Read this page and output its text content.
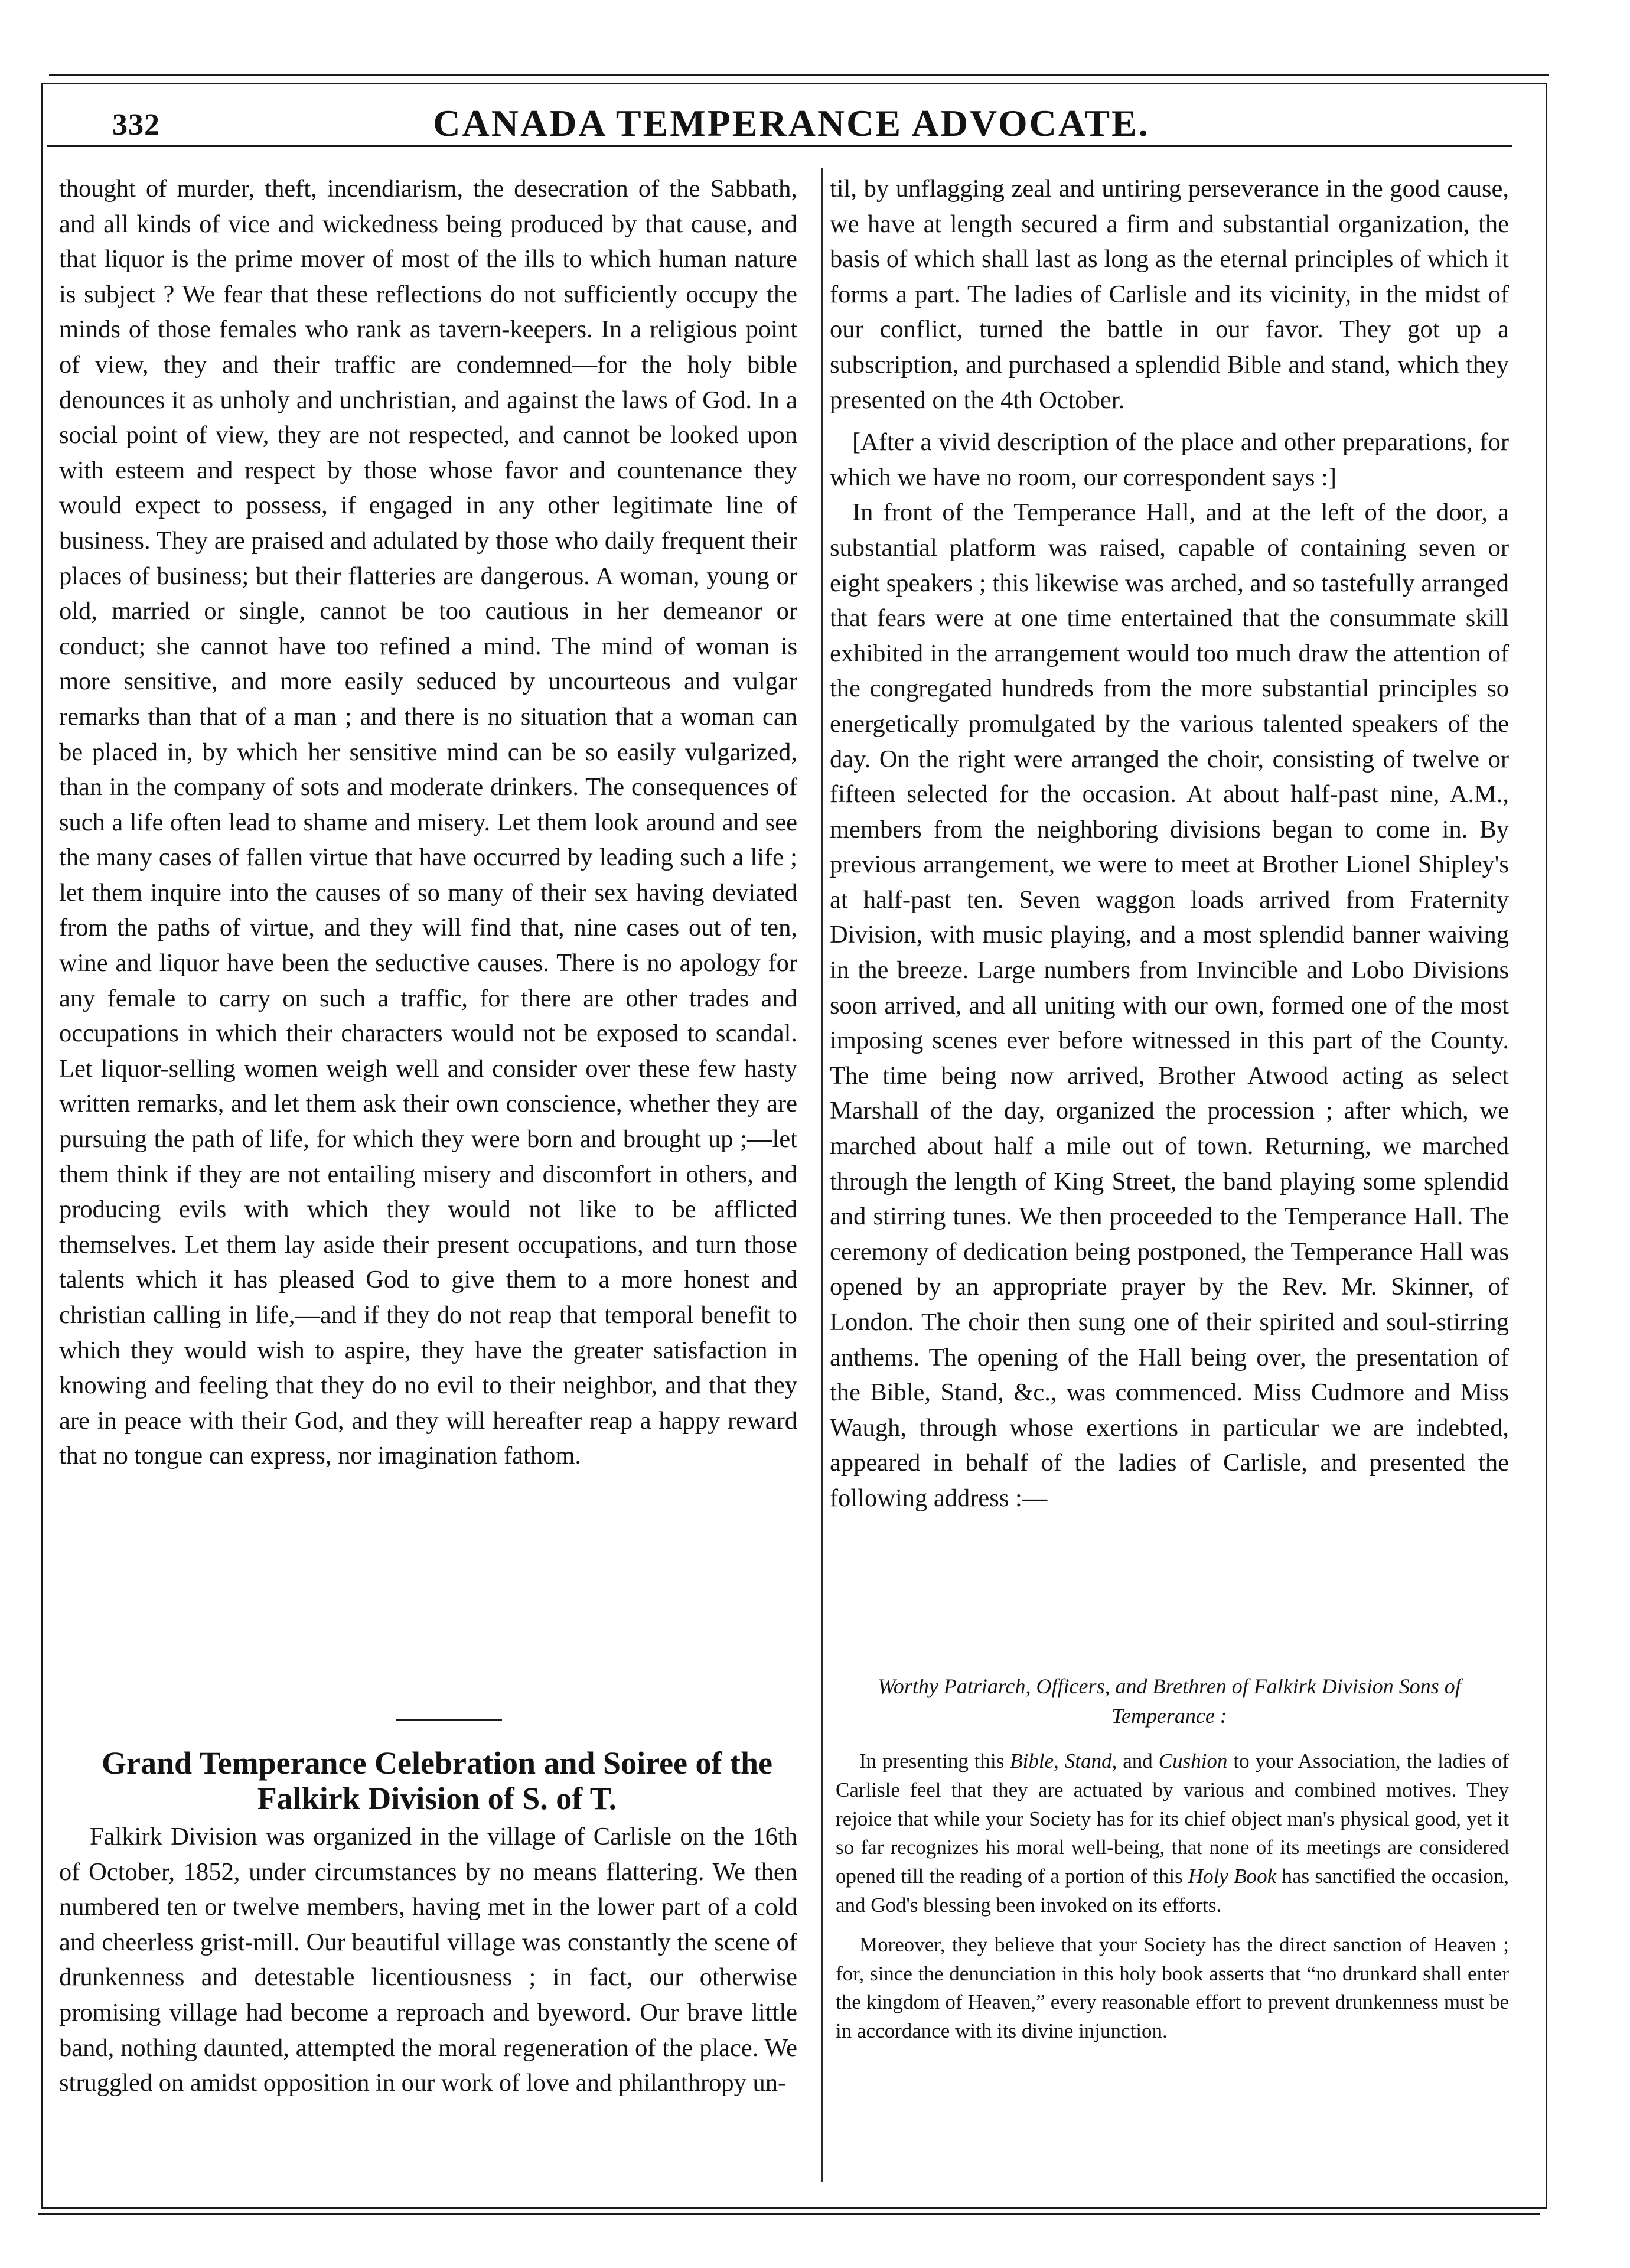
332	CANADA TEMPERANCE ADVOCATE.

thought of murder, theft, incendiarism, the desecration of the Sabbath, and all kinds of vice and wickedness being produced by that cause, and that liquor is the prime mover of most of the ills to which human nature is subject ? We fear that these reflections do not sufficiently occupy the minds of those females who rank as tavern-keepers. In a religious point of view, they and their traffic are condemned—for the holy bible denounces it as unholy and unchristian, and against the laws of God. In a social point of view, they are not respected, and cannot be looked upon with esteem and respect by those whose favor and countenance they would expect to possess, if engaged in any other legitimate line of business. They are praised and adulated by those who daily frequent their places of business; but their flatteries are dangerous. A woman, young or old, married or single, cannot be too cautious in her demeanor or conduct; she cannot have too refined a mind. The mind of woman is more sensitive, and more easily seduced by uncourteous and vulgar remarks than that of a man ; and there is no situation that a woman can be placed in, by which her sensitive mind can be so easily vulgarized, than in the company of sots and moderate drinkers. The consequences of such a life often lead to shame and misery. Let them look around and see the many cases of fallen virtue that have occurred by leading such a life ; let them inquire into the causes of so many of their sex having deviated from the paths of virtue, and they will find that, nine cases out of ten, wine and liquor have been the seductive causes. There is no apology for any female to carry on such a traffic, for there are other trades and occupations in which their characters would not be exposed to scandal. Let liquor-selling women weigh well and consider over these few hasty written remarks, and let them ask their own conscience, whether they are pursuing the path of life, for which they were born and brought up ;—let them think if they are not entailing misery and discomfort in others, and producing evils with which they would not like to be afflicted themselves. Let them lay aside their present occupations, and turn those talents which it has pleased God to give them to a more honest and christian calling in life,—and if they do not reap that temporal benefit to which they would wish to aspire, they have the greater satisfaction in knowing and feeling that they do no evil to their neighbor, and that they are in peace with their God, and they will hereafter reap a happy reward that no tongue can express, nor imagination fathom.

Grand Temperance Celebration and Soiree of the Falkirk Division of S. of T.

Falkirk Division was organized in the village of Carlisle on the 16th of October, 1852, under circumstances by no means flattering. We then numbered ten or twelve members, having met in the lower part of a cold and cheerless grist-mill. Our beautiful village was constantly the scene of drunkenness and detestable licentiousness ; in fact, our otherwise promising village had become a reproach and byeword. Our brave little band, nothing daunted, attempted the moral regeneration of the place. We struggled on amidst opposition in our work of love and philanthropy un-

til, by unflagging zeal and untiring perseverance in the good cause, we have at length secured a firm and substantial organization, the basis of which shall last as long as the eternal principles of which it forms a part. The ladies of Carlisle and its vicinity, in the midst of our conflict, turned the battle in our favor. They got up a subscription, and purchased a splendid Bible and stand, which they presented on the 4th October.

[After a vivid description of the place and other preparations, for which we have no room, our correspondent says :]

In front of the Temperance Hall, and at the left of the door, a substantial platform was raised, capable of containing seven or eight speakers ; this likewise was arched, and so tastefully arranged that fears were at one time entertained that the consummate skill exhibited in the arrangement would too much draw the attention of the congregated hundreds from the more substantial principles so energetically promulgated by the various talented speakers of the day. On the right were arranged the choir, consisting of twelve or fifteen selected for the occasion. At about half-past nine, A.M., members from the neighboring divisions began to come in. By previous arrangement, we were to meet at Brother Lionel Shipley's at half-past ten. Seven waggon loads arrived from Fraternity Division, with music playing, and a most splendid banner waiving in the breeze. Large numbers from Invincible and Lobo Divisions soon arrived, and all uniting with our own, formed one of the most imposing scenes ever before witnessed in this part of the County. The time being now arrived, Brother Atwood acting as select Marshall of the day, organized the procession ; after which, we marched about half a mile out of town. Returning, we marched through the length of King Street, the band playing some splendid and stirring tunes. We then proceeded to the Temperance Hall. The ceremony of dedication being postponed, the Temperance Hall was opened by an appropriate prayer by the Rev. Mr. Skinner, of London. The choir then sung one of their spirited and soul-stirring anthems. The opening of the Hall being over, the presentation of the Bible, Stand, &c., was commenced. Miss Cudmore and Miss Waugh, through whose exertions in particular we are indebted, appeared in behalf of the ladies of Carlisle, and presented the following address :—

Worthy Patriarch, Officers, and Brethren of Falkirk Division Sons of Temperance :

In presenting this Bible, Stand, and Cushion to your Association, the ladies of Carlisle feel that they are actuated by various and combined motives. They rejoice that while your Society has for its chief object man's physical good, yet it so far recognizes his moral well-being, that none of its meetings are considered opened till the reading of a portion of this Holy Book has sanctified the occasion, and God's blessing been invoked on its efforts.

Moreover, they believe that your Society has the direct sanction of Heaven ; for, since the denunciation in this holy book asserts that “no drunkard shall enter the kingdom of Heaven,” every reasonable effort to prevent drunkenness must be in accordance with its divine injunction.
